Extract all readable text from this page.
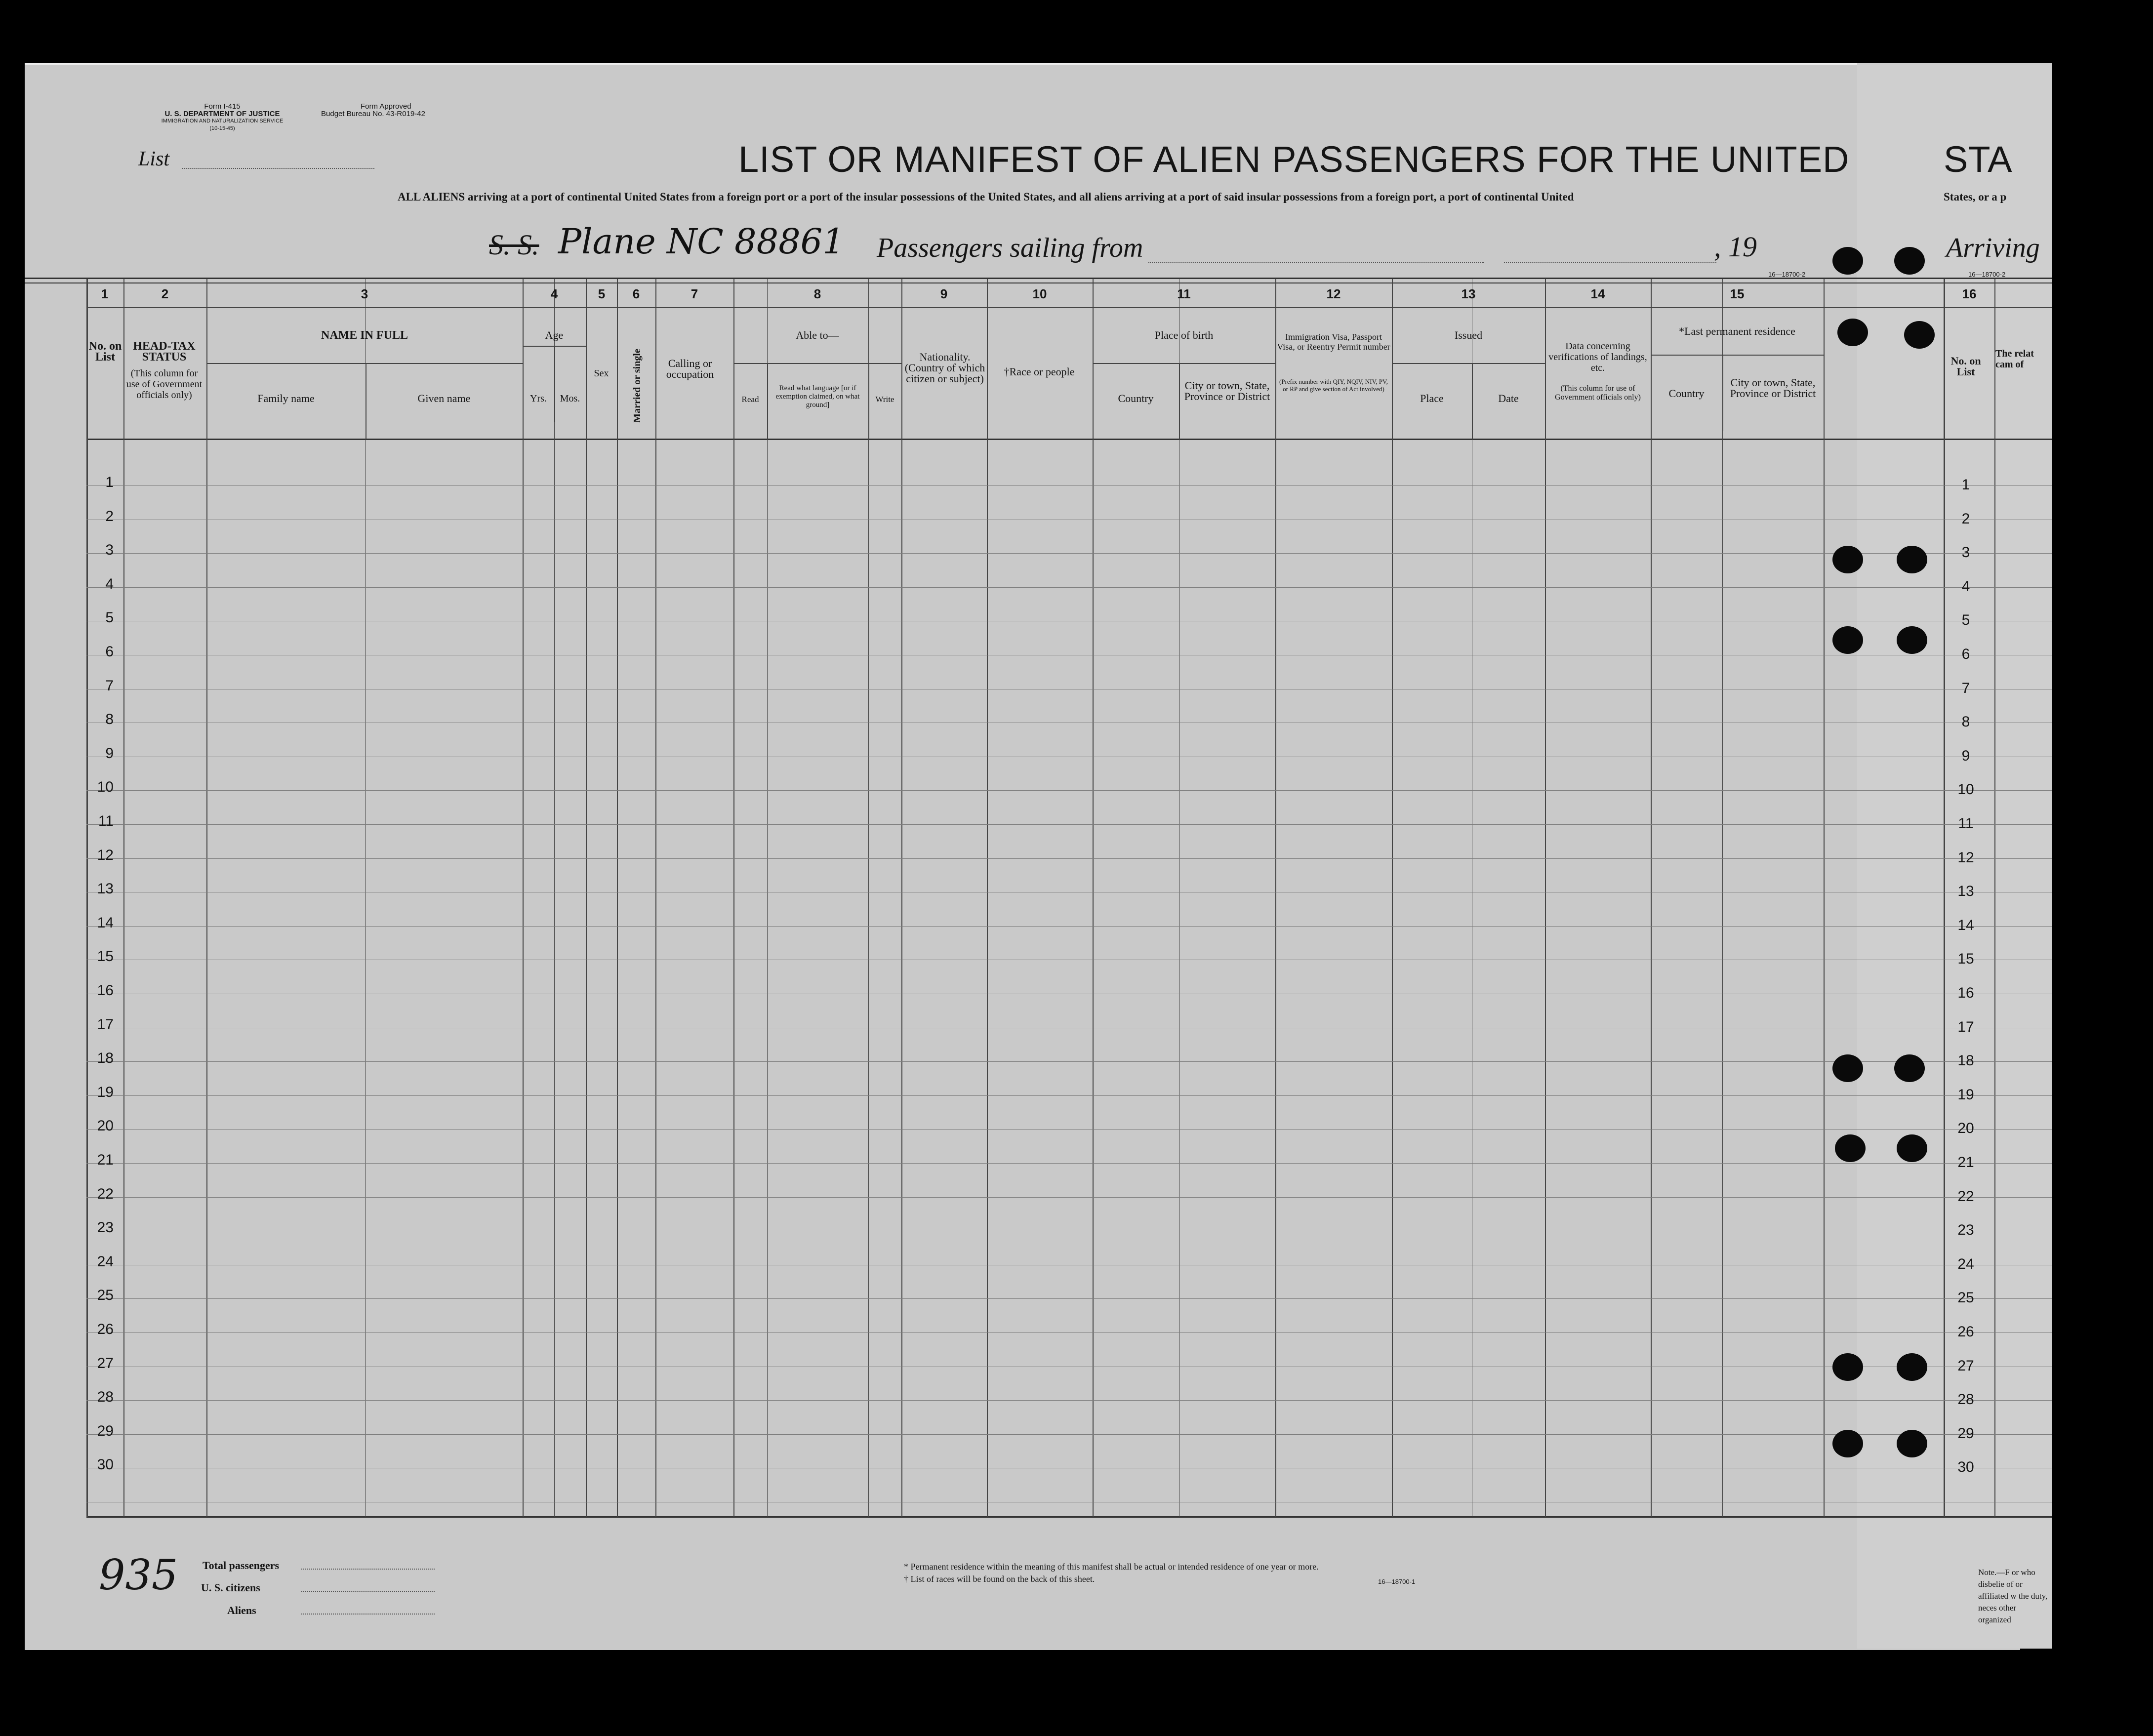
Form I-415
U. S. DEPARTMENT OF JUSTICE
IMMIGRATION AND NATURALIZATION SERVICE
(10-15-45)
Form Approved
Budget Bureau No. 43-R019-42
List	LIST OR MANIFEST OF ALIEN PASSENGERS FOR THE UNITED	STA
ALL ALIENS arriving at a port of continental United States from a foreign port or a port of the insular possessions of the United States, and all aliens arriving at a port of said insular possessions from a foreign port, a port of continental United	States, or a p
S. S. Plane NC 88861 Passengers sailing from	, 19	Arriving
16—18700-2	16—18700-2
1	2	3	4	5	6	7	8	9	10	11	12	13	14	15	16
No. on List
HEAD-TAX STATUS
(This column for use of Government officials only)
NAME IN FULL
Family name	Given name
Age
Yrs.	Mos.
Sex	Married or single	Calling or occupation
Able to—
Read
Read what language [or if exemption claimed, on what ground]
Write
Nationality. (Country of which citizen or subject)
†Race or people
Place of birth
Country
City or town, State, Province or District
Immigration Visa, Passport Visa, or Reentry Permit number
(Prefix number with QIY, NQIV, NIV, PV, or RP and give section of Act involved)
Issued
Place	Date
Data concerning verifications of landings, etc.
(This column for use of Government officials only)
*Last permanent residence
Country
City or town, State, Province or District
No. on List
The relat cam of
1	1
2	2
3	3
4	4
5	5
6	6
7	7
8	8
9	9
10	10
11	11
12	12
13	13
14	14
15	15
16	16
17	17
18	18
19	19
20	20
21	21
22	22
23	23
24	24
25	25
26	26
27	27
28	28
29	29
30	30
935 Total passengers
U. S. citizens
Aliens
* Permanent residence within the meaning of this manifest shall be actual or intended residence of one year or more.
† List of races will be found on the back of this sheet.	16—18700-1
Note.—F or who disbelie of or affiliated w the duty, neces other organized
